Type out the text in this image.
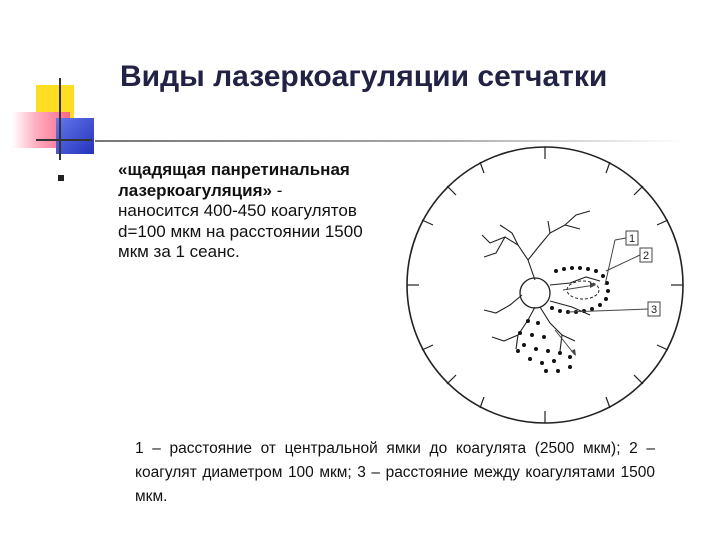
Виды лазеркоагуляции сетчатки
«щадящая панретинальная лазеркоагуляция» - наносится 400-450 коагулятов d=100 мкм на расстоянии 1500 мкм за 1 сеанс.
1
2
3
1 – расстояние от центральной ямки до коагулята (2500 мкм); 2 – коагулят диаметром 100 мкм; 3 – расстояние между коагулятами 1500 мкм.
